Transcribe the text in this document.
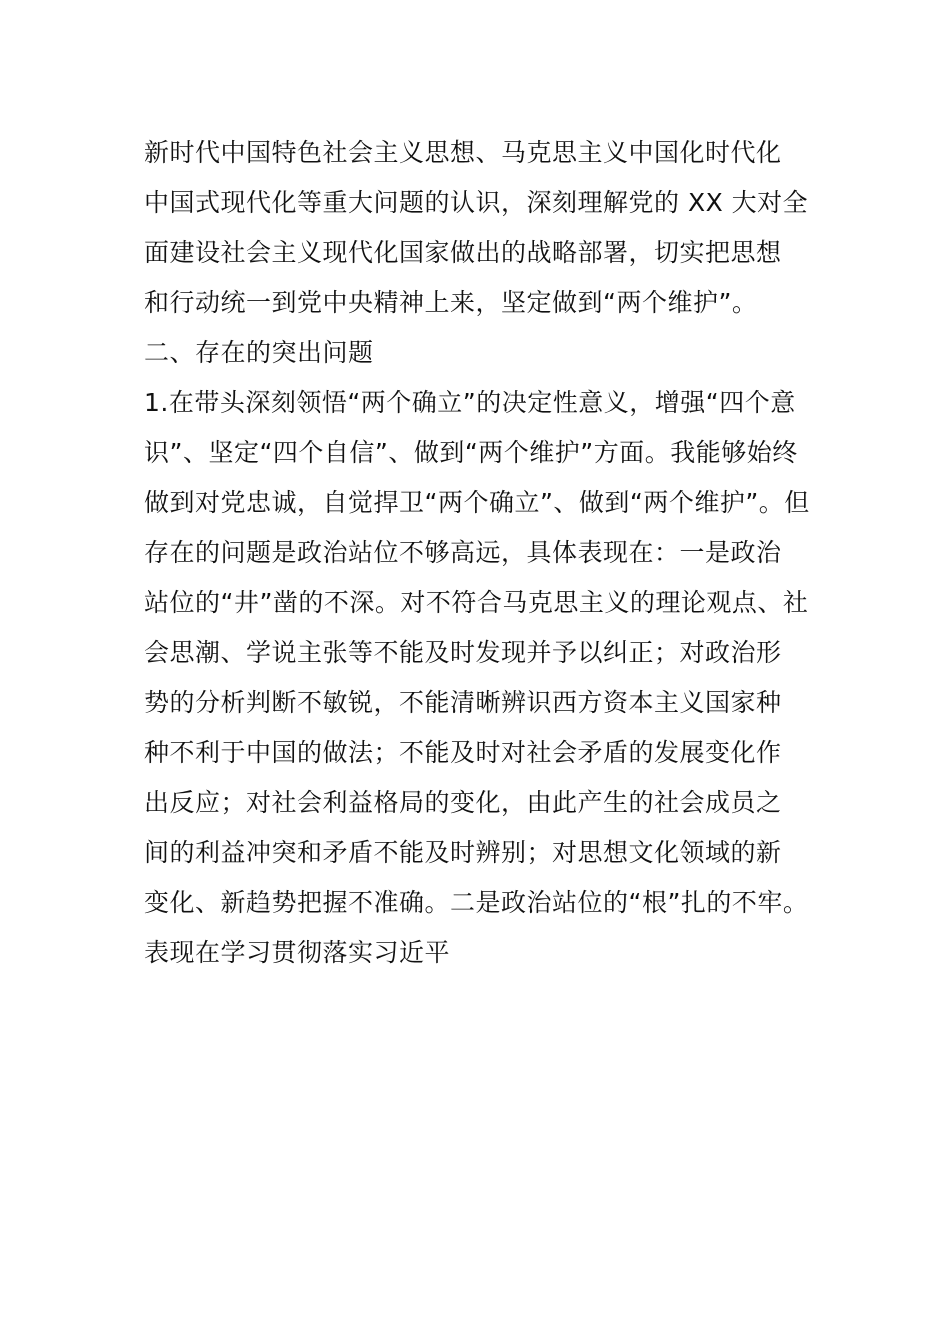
新时代中国特色社会主义思想、马克思主义中国化时代化
中国式现代化等重大问题的认识，深刻理解党的 XX 大对全
面建设社会主义现代化国家做出的战略部署，切实把思想
和行动统一到党中央精神上来，坚定做到“两个维护”。
二、存在的突出问题
1.在带头深刻领悟“两个确立”的决定性意义，增强“四个意
识”、坚定“四个自信”、做到“两个维护”方面。我能够始终
做到对党忠诚，自觉捍卫“两个确立”、做到“两个维护”。但
存在的问题是政治站位不够高远，具体表现在：一是政治
站位的“井”凿的不深。对不符合马克思主义的理论观点、社
会思潮、学说主张等不能及时发现并予以纠正；对政治形
势的分析判断不敏锐，不能清晰辨识西方资本主义国家种
种不利于中国的做法；不能及时对社会矛盾的发展变化作
出反应；对社会利益格局的变化，由此产生的社会成员之
间的利益冲突和矛盾不能及时辨别；对思想文化领域的新
变化、新趋势把握不准确。二是政治站位的“根”扎的不牢。
表现在学习贯彻落实习近平
